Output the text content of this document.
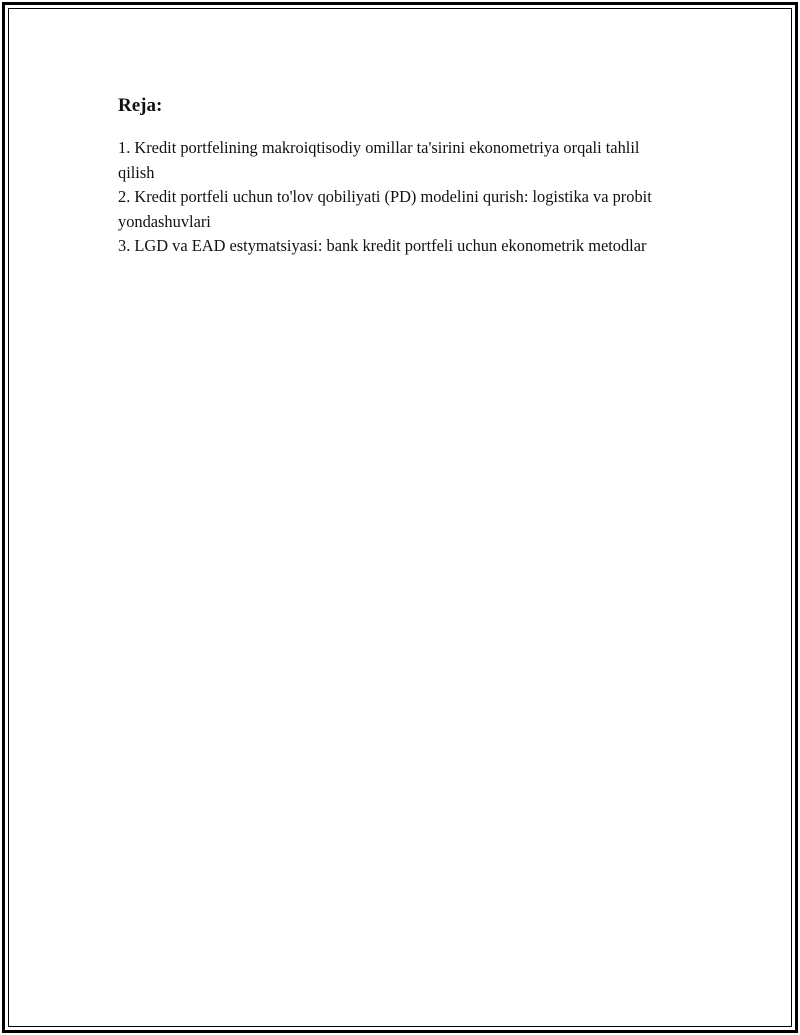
Reja:
1. Kredit portfelining makroiqtisodiy omillar ta'sirini ekonometriya orqali tahlil qilish
2. Kredit portfeli uchun to'lov qobiliyati (PD) modelini qurish: logistika va probit yondashuvlari
3. LGD va EAD estymatsiyasi: bank kredit portfeli uchun ekonometrik metodlar
